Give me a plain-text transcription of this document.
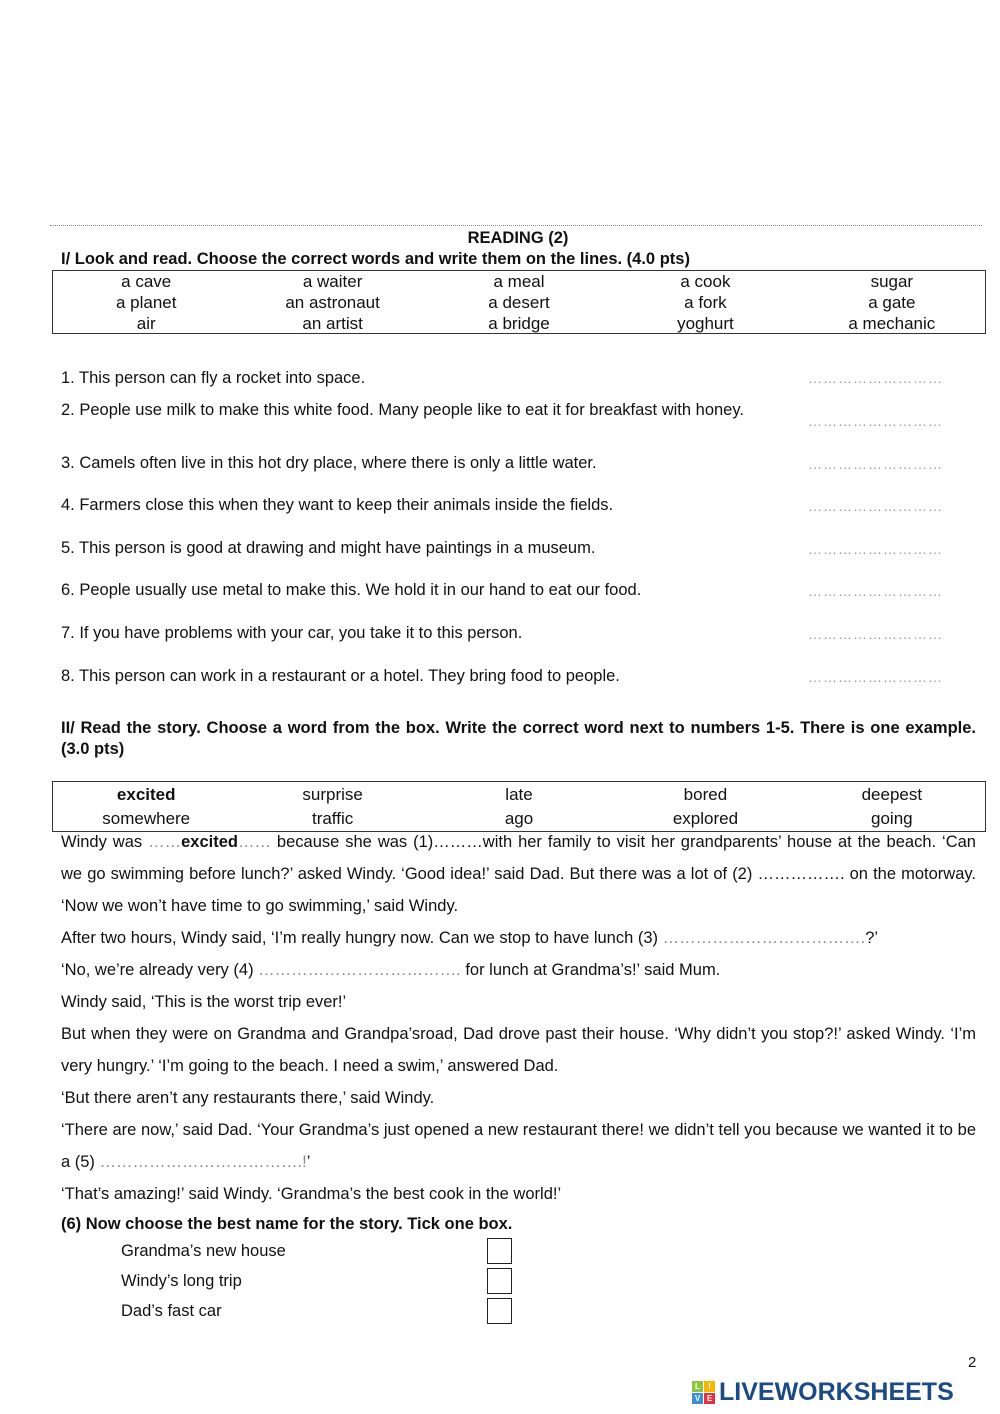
READING (2)
I/ Look and read. Choose the correct words and write them on the lines. (4.0 pts)
a cave	a waiter	a meal	a cook	sugar
a planet	an astronaut	a desert	a fork	a gate
air	an artist	a bridge	yoghurt	a mechanic
1. This person can fly a rocket into space.	………………………
2. People use milk to make this white food. Many people like to eat it for breakfast with honey.
………………………
3. Camels often live in this hot dry place, where there is only a little water.	………………………
4. Farmers close this when they want to keep their animals inside the fields.	………………………
5. This person is good at drawing and might have paintings in a museum.	………………………
6. People usually use metal to make this. We hold it in our hand to eat our food.	………………………
7. If you have problems with your car, you take it to this person.	………………………
8. This person can work in a restaurant or a hotel. They bring food to people.	………………………
II/ Read the story. Choose a word from the box. Write the correct word next to numbers 1-5. There is one example. (3.0 pts)
excited	surprise	late	bored	deepest
somewhere	traffic	ago	explored	going

Windy was ……excited…… because she was (1)………with her family to visit her grandparents’ house at the beach. ‘Can we go swimming before lunch?’ asked Windy. ‘Good idea!’ said Dad. But there was a lot of (2) ……………. on the motorway. ‘Now we won’t have time to go swimming,’ said Windy.

After two hours, Windy said, ‘I’m really hungry now. Can we stop to have lunch (3) ……………………………….?’

‘No, we’re already very (4) ………………………………. for lunch at Grandma’s!’ said Mum.

Windy said, ‘This is the worst trip ever!’

But when they were on Grandma and Grandpa’sroad, Dad drove past their house. ‘Why didn’t you stop?!’ asked Windy. ‘I’m very hungry.’ ‘I’m going to the beach. I need a swim,’ answered Dad.

‘But there aren’t any restaurants there,’ said Windy.

‘There are now,’ said Dad. ‘Your Grandma’s just opened a new restaurant there! we didn’t tell you because we wanted it to be a (5) ……………………………….!’

‘That’s amazing!’ said Windy. ‘Grandma’s the best cook in the world!’

(6) Now choose the best name for the story. Tick one box.
Grandma’s new house
Windy’s long trip
Dad’s fast car
L	I
V E LIVEWORKSHEETS
2
